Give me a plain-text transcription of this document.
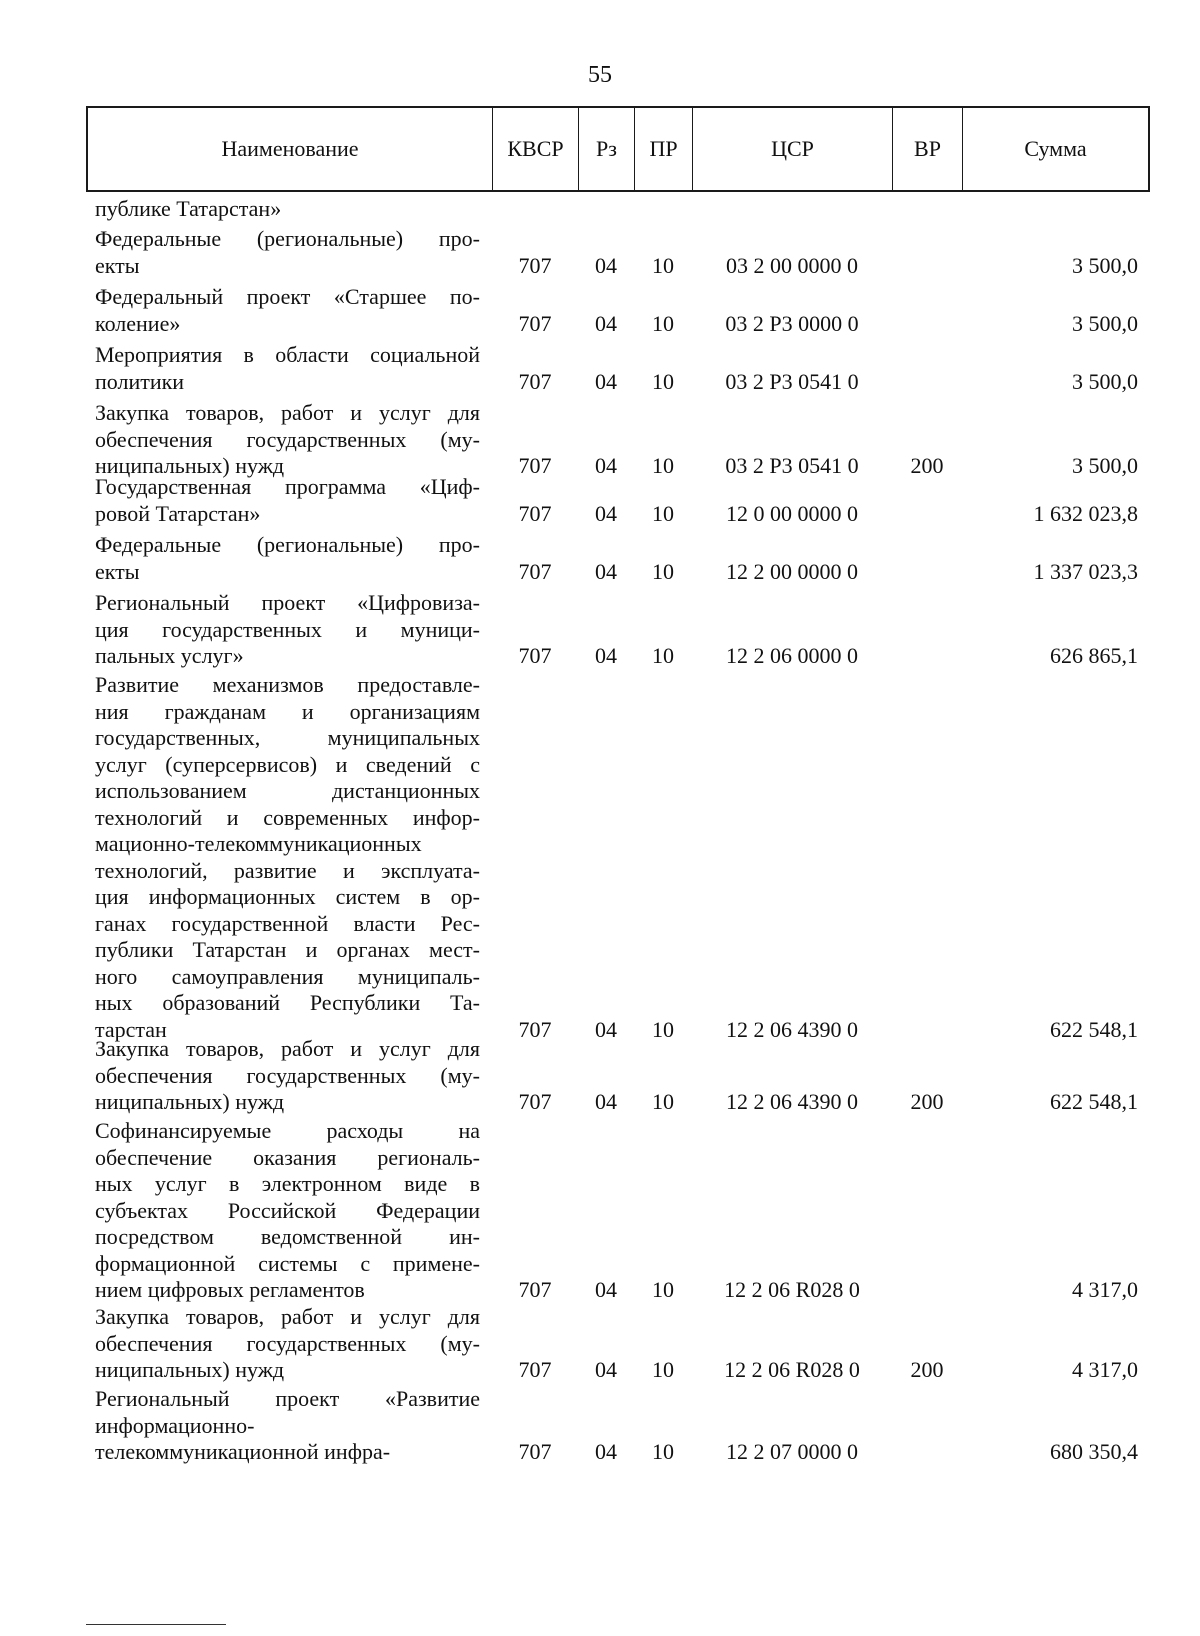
55
Наименование	КВСР	Рз	ПР	ЦСР	ВР	Сумма
публике Татарстан»
Федеральные (региональные) про-
екты	707	04	10	03 2 00 0000 0	3 500,0
Федеральный проект «Старшее по-
коление»	707	04	10	03 2 Р3 0000 0	3 500,0
Мероприятия в области социальной
политики	707	04	10	03 2 Р3 0541 0	3 500,0
Закупка товаров, работ и услуг для
обеспечения государственных (му-
ниципальных) нужд	707	04	10	03 2 Р3 0541 0	200	3 500,0
Государственная программа «Циф-
ровой Татарстан»	707	04	10	12 0 00 0000 0	1 632 023,8
Федеральные (региональные) про-
екты	707	04	10	12 2 00 0000 0	1 337 023,3
Региональный проект «Цифровиза-
ция государственных и муници-
пальных услуг»	707	04	10	12 2 06 0000 0	626 865,1
Развитие механизмов предоставле-
ния гражданам и организациям
государственных, муниципальных
услуг (суперсервисов) и сведений с
использованием дистанционных
технологий и современных инфор-
мационно-телекоммуникационных
технологий, развитие и эксплуата-
ция информационных систем в ор-
ганах государственной власти Рес-
публики Татарстан и органах мест-
ного самоуправления муниципаль-
ных образований Республики Та-
тарстан	707	04	10	12 2 06 4390 0	622 548,1
Закупка товаров, работ и услуг для
обеспечения государственных (му-
ниципальных) нужд	707	04	10	12 2 06 4390 0	200	622 548,1
Софинансируемые расходы на
обеспечение оказания региональ-
ных услуг в электронном виде в
субъектах Российской Федерации
посредством ведомственной ин-
формационной системы с примене-
нием цифровых регламентов	707	04	10	12 2 06 R028 0	4 317,0
Закупка товаров, работ и услуг для
обеспечения государственных (му-
ниципальных) нужд	707	04	10	12 2 06 R028 0	200	4 317,0
Региональный проект «Развитие
информационно-
телекоммуникационной инфра-	707	04	10	12 2 07 0000 0	680 350,4
